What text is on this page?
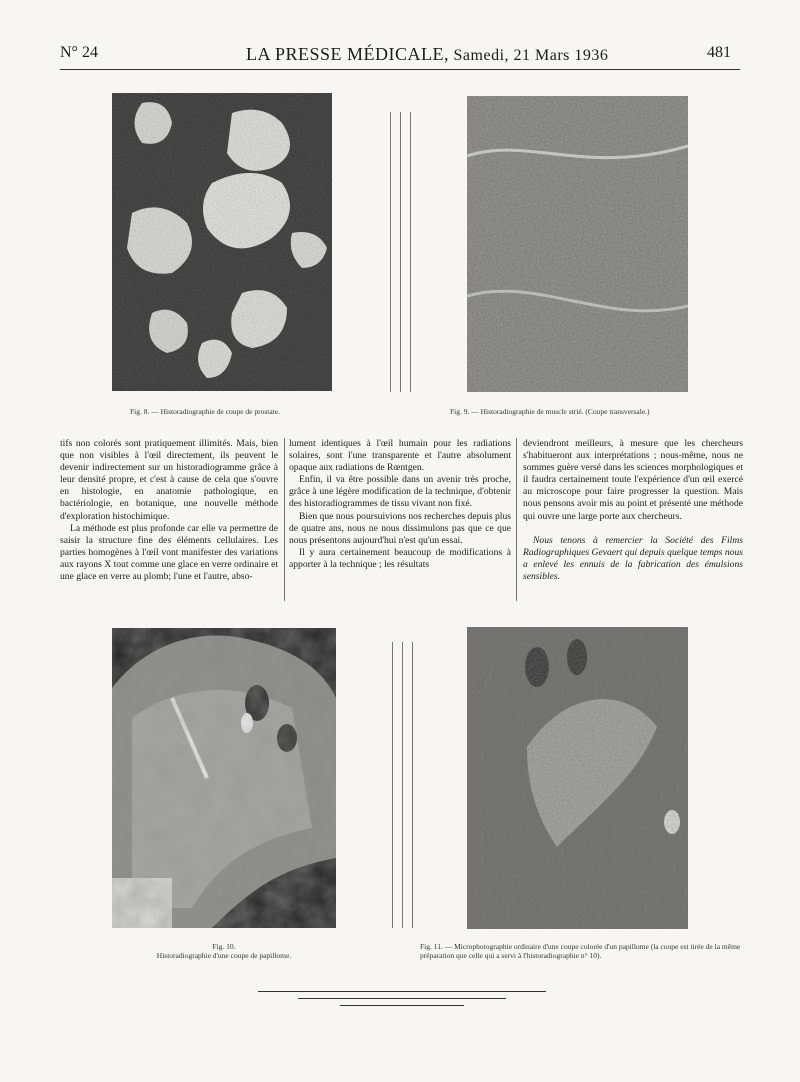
N° 24	LA PRESSE MÉDICALE, Samedi, 21 Mars 1936	481
Fig. 8. — Historadiographie de coupe de prostate.	Fig. 9. — Historadiographie de muscle strié. (Coupe transversale.)

tifs non colorés sont pratiquement illimités. Mais, bien que non visibles à l'œil directement, ils peuvent le devenir indirectement sur un historadiogramme grâce à leur densité propre, et c'est à cause de cela que s'ouvre en histologie, en anatomie pathologique, en bactériologie, en botanique, une nouvelle méthode d'exploration histochimique.

La méthode est plus profonde car elle va permettre de saisir la structure fine des éléments cellulaires. Les parties homogènes à l'œil vont manifester des variations aux rayons X tout comme une glace en verre ordinaire et une glace en verre au plomb; l'une et l'autre, abso-

lument identiques à l'œil humain pour les radiations solaires, sont l'une transparente et l'autre absolument opaque aux radiations de Rœntgen.

Enfin, il va être possible dans un avenir très proche, grâce à une légère modification de la technique, d'obtenir des historadiogrammes de tissu vivant non fixé.

Bien que nous poursuivions nos recherches depuis plus de quatre ans, nous ne nous dissimulons pas que ce que nous présentons aujourd'hui n'est qu'un essai.

Il y aura certainement beaucoup de modifications à apporter à la technique ; les résultats

deviendront meilleurs, à mesure que les chercheurs s'habitueront aux interprétations ; nous-même, nous ne sommes guère versé dans les sciences morphologiques et il faudra certainement toute l'expérience d'un œil exercé au microscope pour faire progresser la question. Mais nous pensons avoir mis au point et présenté une méthode qui ouvre une large porte aux chercheurs.

Nous tenons à remercier la Société des Films Radiographiques Gevaert qui depuis quelque temps nous a enlevé les ennuis de la fabrication des émulsions sensibles.

Fig. 10.
Historadiographie d'une coupe de papillome.
Fig. 11. — Microphotographie ordinaire d'une coupe colorée d'un papillome (la coupe est tirée de la même préparation que celle qui a servi à l'historadiographie n° 10).
